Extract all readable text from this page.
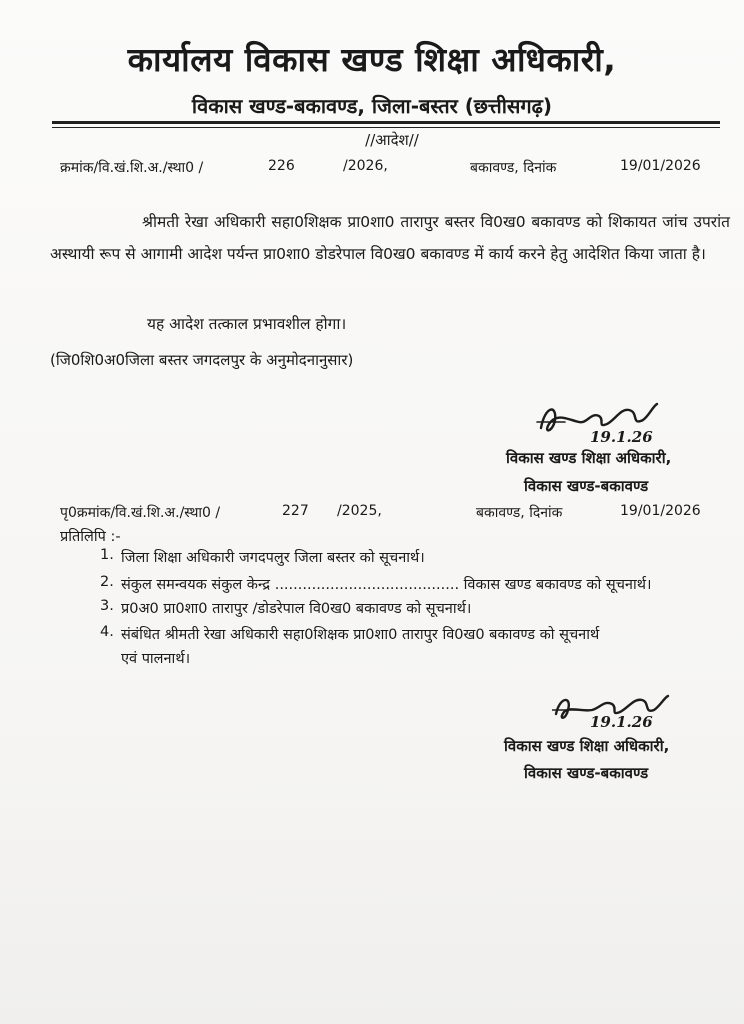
कार्यालय विकास खण्ड शिक्षा अधिकारी,
विकास खण्ड-बकावण्ड, जिला-बस्तर (छत्तीसगढ़)
//आदेश//
क्रमांक/वि.खं.शि.अ./स्था0 /	226	/2026,	बकावण्ड, दिनांक	19/01/2026
श्रीमती रेखा अधिकारी सहा0शिक्षक प्रा0शा0 तारापुर बस्तर वि0ख0 बकावण्ड को शिकायत जांच उपरांत अस्थायी रूप से आगामी आदेश पर्यन्त प्रा0शा0 डोडरेपाल वि0ख0 बकावण्ड में कार्य करने हेतु आदेशित किया जाता है।
यह आदेश तत्काल प्रभावशील होगा।
(जि0शि0अ0जिला बस्तर जगदलपुर के अनुमोदनानुसार)
19.1.26
विकास खण्ड शिक्षा अधिकारी,
विकास खण्ड-बकावण्ड
पृ0क्रमांक/वि.खं.शि.अ./स्था0 /	227 /2025,	बकावण्ड, दिनांक	19/01/2026
प्रतिलिपि :-
1. जिला शिक्षा अधिकारी जगदपलुर जिला बस्तर को सूचनार्थ।
2. संकुल समन्वयक संकुल केन्द्र ........................................ विकास खण्ड बकावण्ड को सूचनार्थ।
3. प्र0अ0 प्रा0शा0 तारापुर /डोडरेपाल वि0ख0 बकावण्ड को सूचनार्थ।
4. संबंधित श्रीमती रेखा अधिकारी सहा0शिक्षक प्रा0शा0 तारापुर वि0ख0 बकावण्ड को सूचनार्थ
एवं पालनार्थ।
19.1.26
विकास खण्ड शिक्षा अधिकारी,
विकास खण्ड-बकावण्ड
